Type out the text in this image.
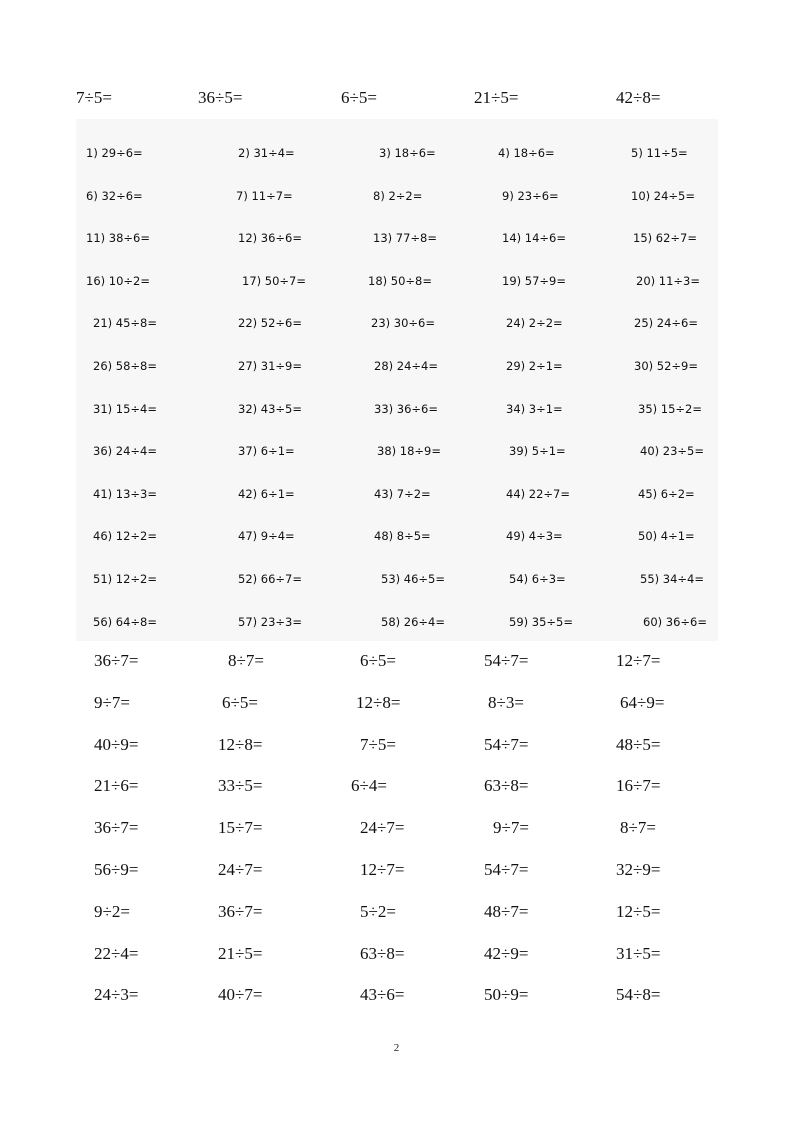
7÷5=	36÷5=	6÷5=	21÷5=	42÷8=
1) 29÷6=	2) 31÷4=	3) 18÷6=	4) 18÷6=	5) 11÷5=
6) 32÷6=	7) 11÷7=	8) 2÷2=	9) 23÷6=	10) 24÷5=
11) 38÷6=	12) 36÷6=	13) 77÷8=	14) 14÷6=	15) 62÷7=
16) 10÷2=	17) 50÷7=	18) 50÷8=	19) 57÷9=	20) 11÷3=
21) 45÷8=	22) 52÷6=	23) 30÷6=	24) 2÷2=	25) 24÷6=
26) 58÷8=	27) 31÷9=	28) 24÷4=	29) 2÷1=	30) 52÷9=
31) 15÷4=	32) 43÷5=	33) 36÷6=	34) 3÷1=	35) 15÷2=
36) 24÷4=	37) 6÷1=	38) 18÷9=	39) 5÷1=	40) 23÷5=
41) 13÷3=	42) 6÷1=	43) 7÷2=	44) 22÷7=	45) 6÷2=
46) 12÷2=	47) 9÷4=	48) 8÷5=	49) 4÷3=	50) 4÷1=
51) 12÷2=	52) 66÷7=	53) 46÷5=	54) 6÷3=	55) 34÷4=
56) 64÷8=	57) 23÷3=	58) 26÷4=	59) 35÷5=	60) 36÷6=
36÷7=	8÷7=	6÷5=	54÷7=	12÷7=
9÷7=	6÷5=	12÷8=	8÷3=	64÷9=
40÷9=	12÷8=	7÷5=	54÷7=	48÷5=
21÷6=	33÷5=	6÷4=	63÷8=	16÷7=
36÷7=	15÷7=	24÷7=	9÷7=	8÷7=
56÷9=	24÷7=	12÷7=	54÷7=	32÷9=
9÷2=	36÷7=	5÷2=	48÷7=	12÷5=
22÷4=	21÷5=	63÷8=	42÷9=	31÷5=
24÷3=	40÷7=	43÷6=	50÷9=	54÷8=
2
